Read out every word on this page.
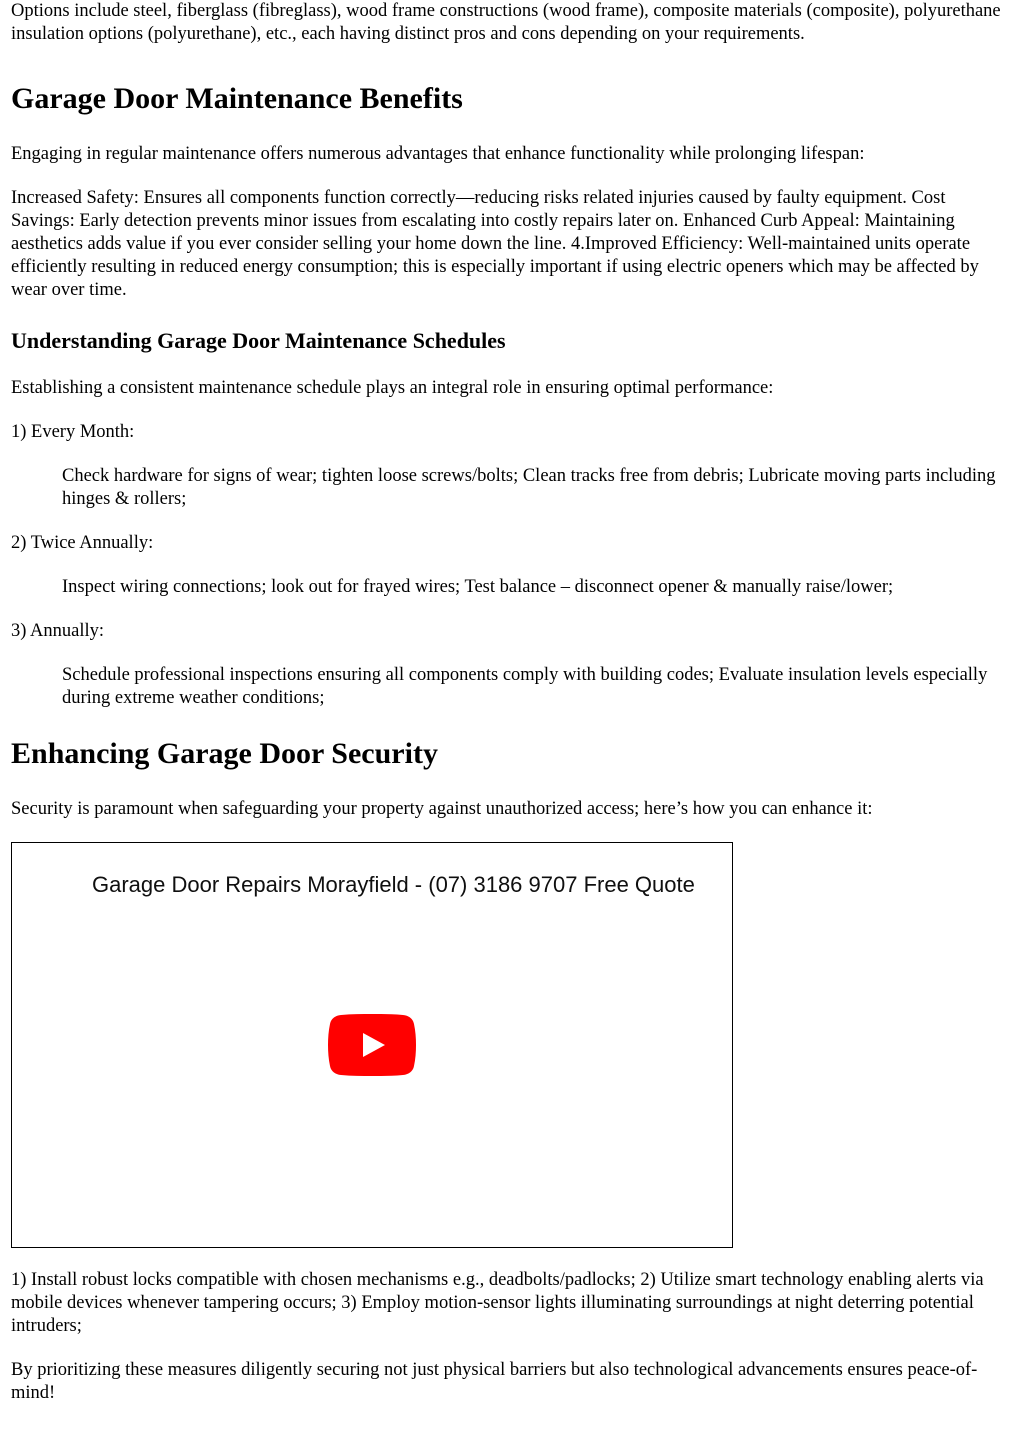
Options include steel, fiberglass (fibreglass), wood frame constructions (wood frame), composite materials (composite), polyurethane insulation options (polyurethane), etc., each having distinct pros and cons depending on your requirements.

Garage Door Maintenance Benefits

Engaging in regular maintenance offers numerous advantages that enhance functionality while prolonging lifespan:

Increased Safety: Ensures all components function correctly—reducing risks related injuries caused by faulty equipment. Cost Savings: Early detection prevents minor issues from escalating into costly repairs later on. Enhanced Curb Appeal: Maintaining aesthetics adds value if you ever consider selling your home down the line. 4.Improved Efficiency: Well-maintained units operate efficiently resulting in reduced energy consumption; this is especially important if using electric openers which may be affected by wear over time.

Understanding Garage Door Maintenance Schedules

Establishing a consistent maintenance schedule plays an integral role in ensuring optimal performance:

1) Every Month:

Check hardware for signs of wear; tighten loose screws/bolts; Clean tracks free from debris; Lubricate moving parts including hinges & rollers;

2) Twice Annually:

Inspect wiring connections; look out for frayed wires; Test balance – disconnect opener & manually raise/lower;

3) Annually:

Schedule professional inspections ensuring all components comply with building codes; Evaluate insulation levels especially during extreme weather conditions;
Enhancing Garage Door Security

Security is paramount when safeguarding your property against unauthorized access; here’s how you can enhance it:

Garage Door Repairs Morayfield - (07) 3186 9707 Free Quote

1) Install robust locks compatible with chosen mechanisms e.g., deadbolts/padlocks; 2) Utilize smart technology enabling alerts via mobile devices whenever tampering occurs; 3) Employ motion-sensor lights illuminating surroundings at night deterring potential intruders;

By prioritizing these measures diligently securing not just physical barriers but also technological advancements ensures peace-of-mind!
